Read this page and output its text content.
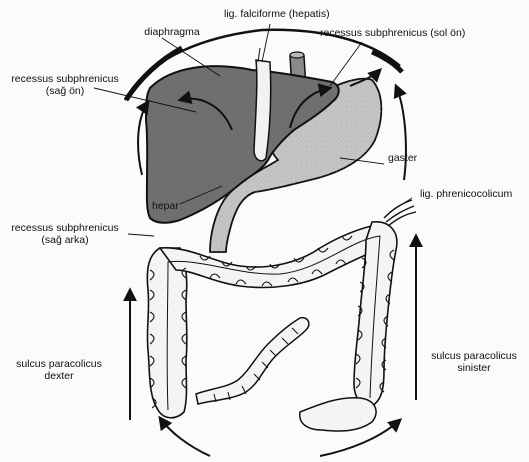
diaphragma
lig. falciforme (hepatis)
recessus subphrenicus (sol ön)
recessus subphrenicus
(sağ ön)
gaster
hepar
lig. phrenicocolicum
recessus subphrenicus
(sağ arka)
sulcus paracolicus
dexter
sulcus paracolicus
sinister
